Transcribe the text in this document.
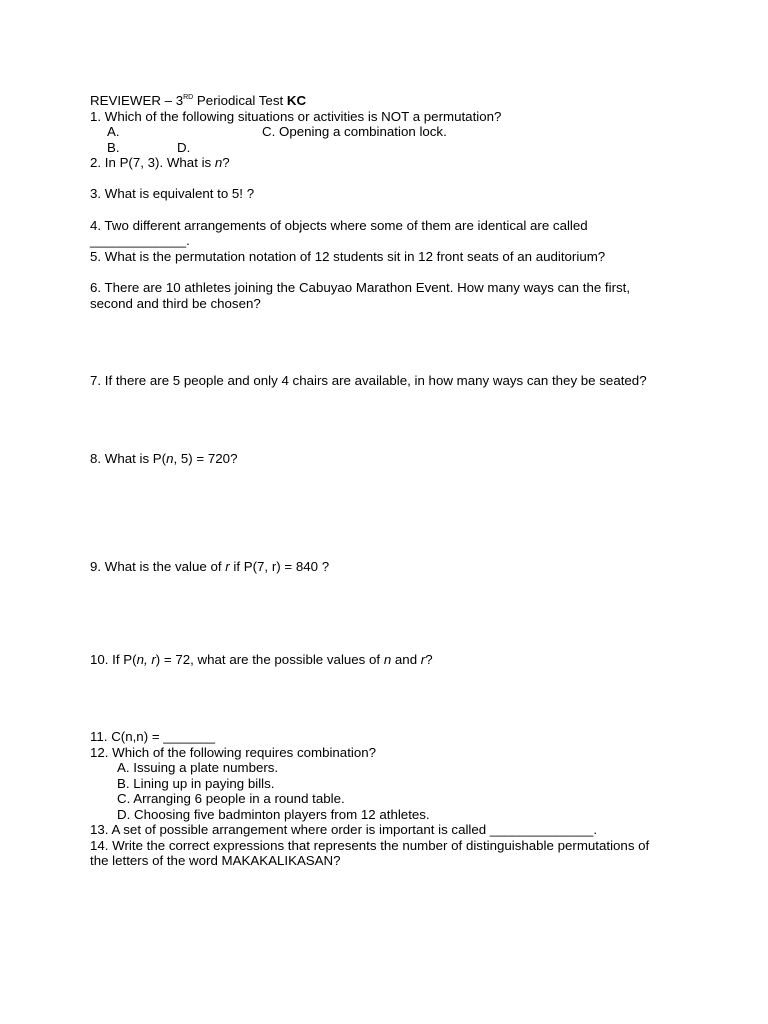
REVIEWER – 3RD Periodical Test KC
1. Which of the following situations or activities is NOT a permutation?
A.	C. Opening a combination lock.
B.	D.
2. In P(7, 3). What is n?
3. What is equivalent to 5! ?
4. Two different arrangements of objects where some of them are identical are called
_____________.
5. What is the permutation notation of 12 students sit in 12 front seats of an auditorium?
6. There are 10 athletes joining the Cabuyao Marathon Event. How many ways can the first,
second and third be chosen?
7. If there are 5 people and only 4 chairs are available, in how many ways can they be seated?
8. What is P(n, 5) = 720?
9. What is the value of r if P(7, r) = 840 ?
10. If P(n, r) = 72, what are the possible values of n and r?
11. C(n,n) = _______
12. Which of the following requires combination?
A. Issuing a plate numbers.
B. Lining up in paying bills.
C. Arranging 6 people in a round table.
D. Choosing five badminton players from 12 athletes.
13. A set of possible arrangement where order is important is called ______________.
14. Write the correct expressions that represents the number of distinguishable permutations of
the letters of the word MAKAKALIKASAN?
